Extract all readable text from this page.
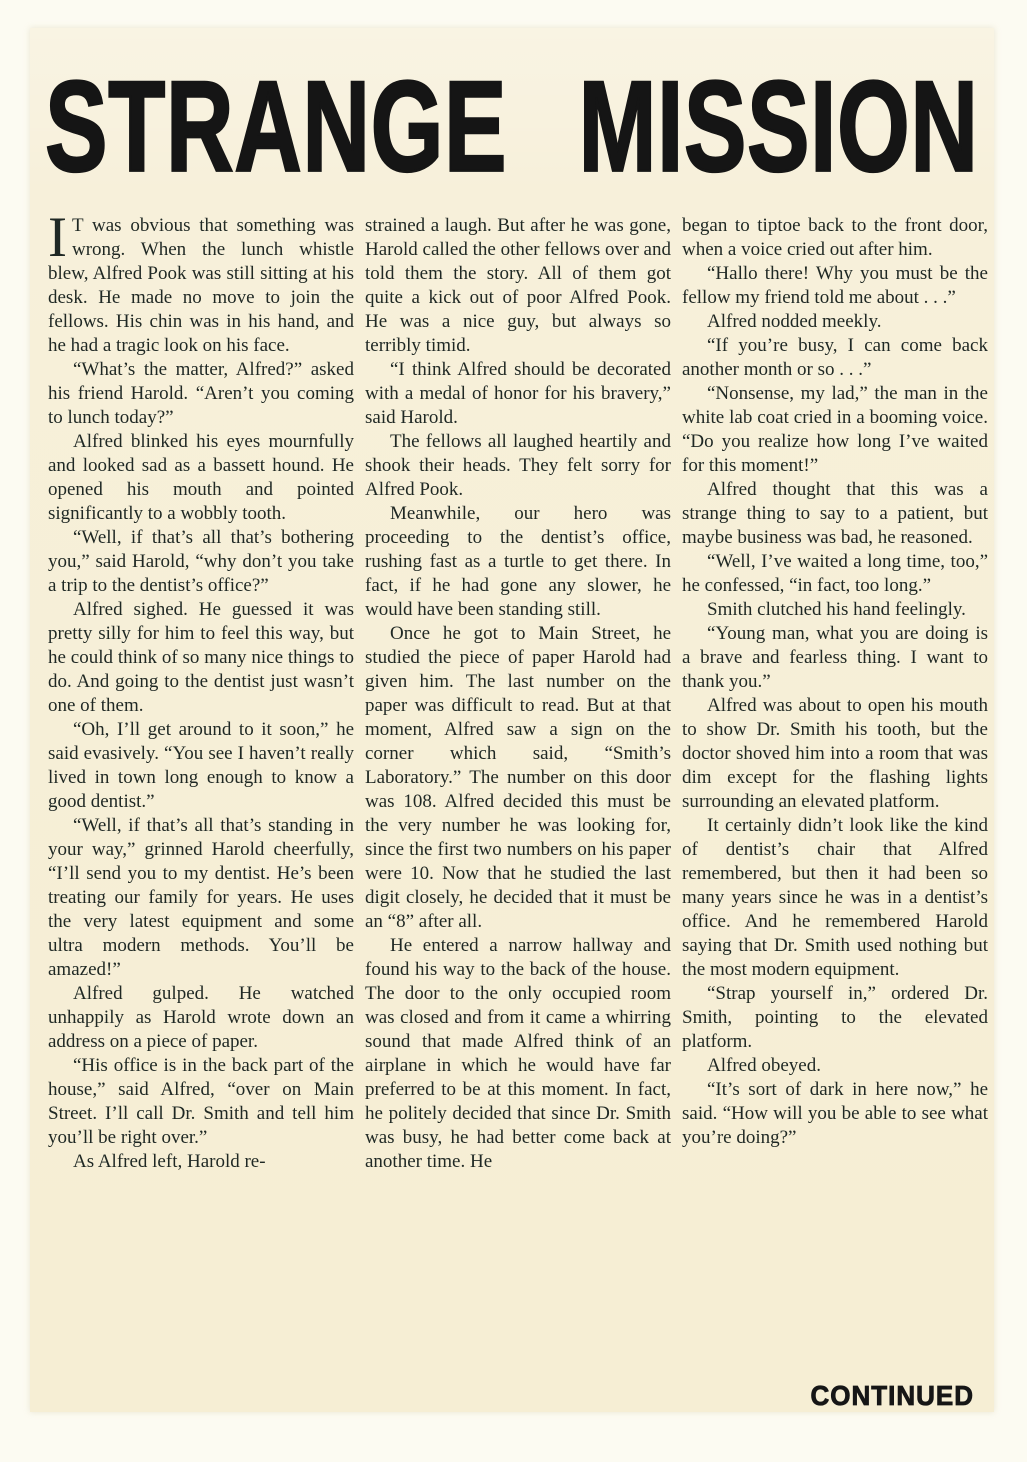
STRANGE MISSION

I T was obvious that something was wrong. When the lunch whistle blew, Alfred Pook was still sitting at his desk. He made no move to join the fellows. His chin was in his hand, and he had a tragic look on his face.

“What’s the matter, Alfred?” asked his friend Harold. “Aren’t you coming to lunch today?”

Alfred blinked his eyes mournfully and looked sad as a bassett hound. He opened his mouth and pointed significantly to a wobbly tooth.

“Well, if that’s all that’s bothering you,” said Harold, “why don’t you take a trip to the dentist’s office?”

Alfred sighed. He guessed it was pretty silly for him to feel this way, but he could think of so many nice things to do. And going to the dentist just wasn’t one of them.

“Oh, I’ll get around to it soon,” he said evasively. “You see I haven’t really lived in town long enough to know a good dentist.”

“Well, if that’s all that’s standing in your way,” grinned Harold cheerfully, “I’ll send you to my dentist. He’s been treating our family for years. He uses the very latest equipment and some ultra modern methods. You’ll be amazed!”

Alfred gulped. He watched unhappily as Harold wrote down an address on a piece of paper.

“His office is in the back part of the house,” said Alfred, “over on Main Street. I’ll call Dr. Smith and tell him you’ll be right over.”

As Alfred left, Harold re-

strained a laugh. But after he was gone, Harold called the other fellows over and told them the story. All of them got quite a kick out of poor Alfred Pook. He was a nice guy, but always so terribly timid.

“I think Alfred should be decorated with a medal of honor for his bravery,” said Harold.

The fellows all laughed heartily and shook their heads. They felt sorry for Alfred Pook.

Meanwhile, our hero was proceeding to the dentist’s office, rushing fast as a turtle to get there. In fact, if he had gone any slower, he would have been standing still.

Once he got to Main Street, he studied the piece of paper Harold had given him. The last number on the paper was difficult to read. But at that moment, Alfred saw a sign on the corner which said, “Smith’s Laboratory.” The number on this door was 108. Alfred decided this must be the very number he was looking for, since the first two numbers on his paper were 10. Now that he studied the last digit closely, he decided that it must be an “8” after all.

He entered a narrow hallway and found his way to the back of the house. The door to the only occupied room was closed and from it came a whirring sound that made Alfred think of an airplane in which he would have far preferred to be at this moment. In fact, he politely decided that since Dr. Smith was busy, he had better come back at another time. He

began to tiptoe back to the front door, when a voice cried out after him.

“Hallo there! Why you must be the fellow my friend told me about . . .”

Alfred nodded meekly.

“If you’re busy, I can come back another month or so . . .”

“Nonsense, my lad,” the man in the white lab coat cried in a booming voice. “Do you realize how long I’ve waited for this moment!”

Alfred thought that this was a strange thing to say to a patient, but maybe business was bad, he reasoned.

“Well, I’ve waited a long time, too,” he confessed, “in fact, too long.”

Smith clutched his hand feelingly.

“Young man, what you are doing is a brave and fearless thing. I want to thank you.”

Alfred was about to open his mouth to show Dr. Smith his tooth, but the doctor shoved him into a room that was dim except for the flashing lights surrounding an elevated platform.

It certainly didn’t look like the kind of dentist’s chair that Alfred remembered, but then it had been so many years since he was in a dentist’s office. And he remembered Harold saying that Dr. Smith used nothing but the most modern equipment.

“Strap yourself in,” ordered Dr. Smith, pointing to the elevated platform.

Alfred obeyed.

“It’s sort of dark in here now,” he said. “How will you be able to see what you’re doing?”

CONTINUED
